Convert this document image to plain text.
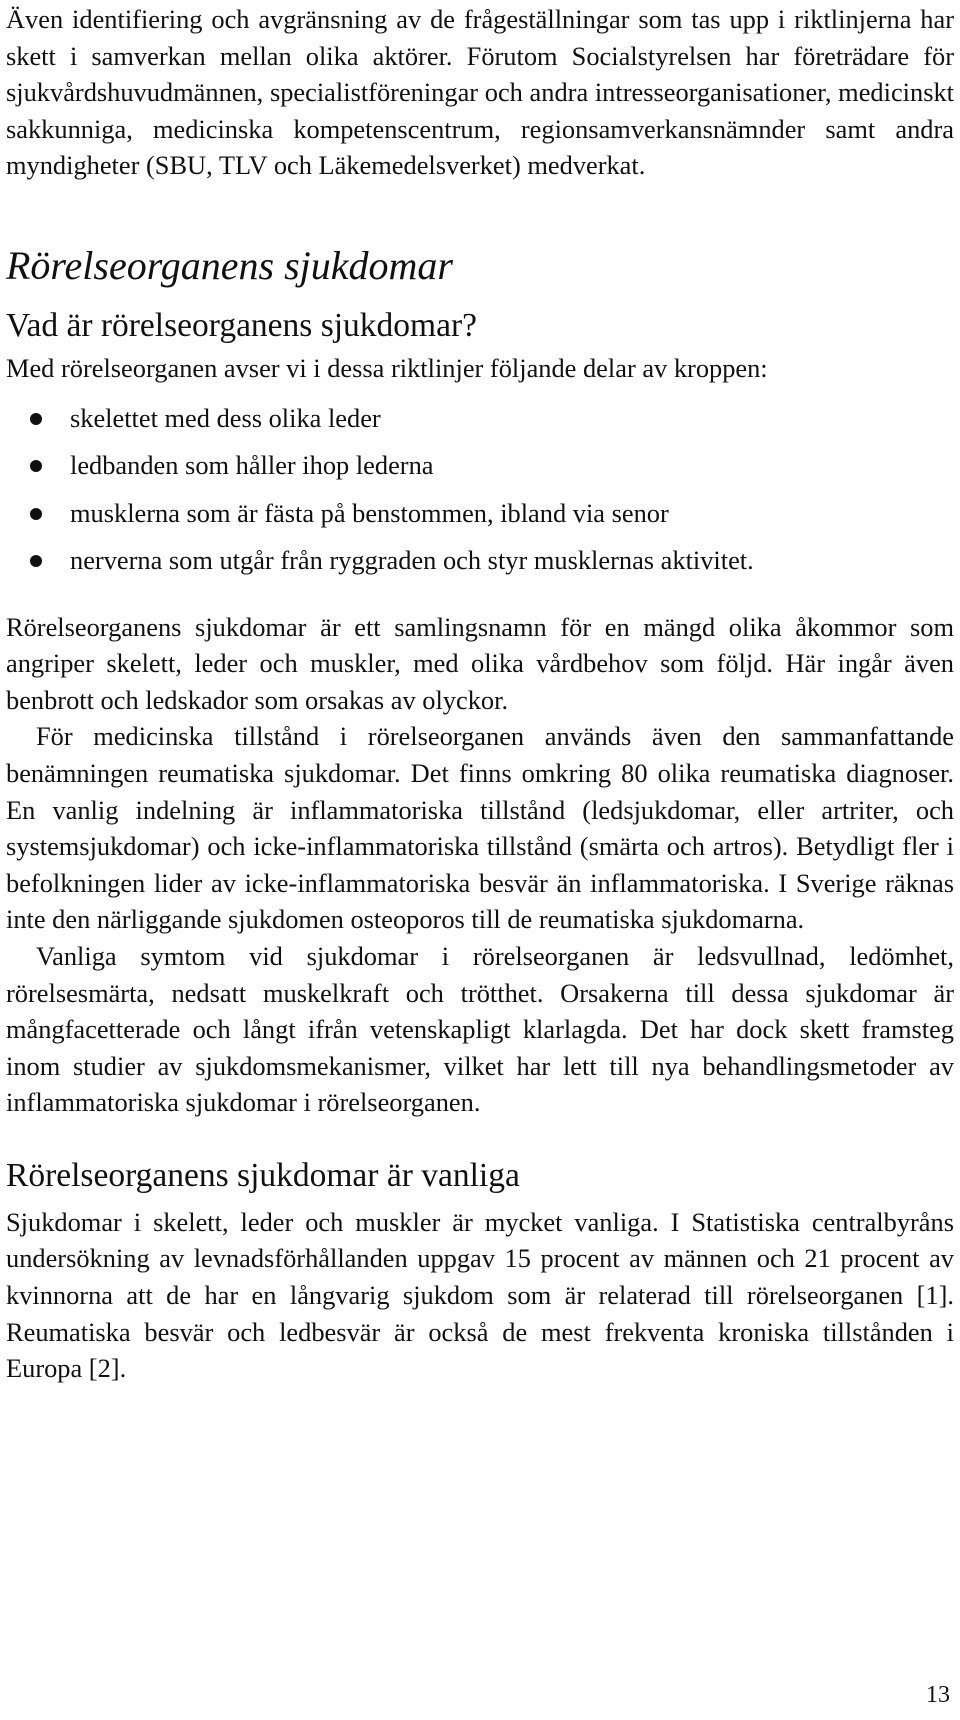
Även identifiering och avgränsning av de frågeställningar som tas upp i riktlinjerna har skett i samverkan mellan olika aktörer. Förutom Socialstyrelsen har företrädare för sjukvårdshuvudmännen, specialistföreningar och andra intresseorganisationer, medicinskt sakkunniga, medicinska kompetenscentrum, regionsamverkansnämnder samt andra myndigheter (SBU, TLV och Läkemedelsverket) medverkat.

Rörelseorganens sjukdomar
Vad är rörelseorganens sjukdomar?

Med rörelseorganen avser vi i dessa riktlinjer följande delar av kroppen:

skelettet med dess olika leder
ledbanden som håller ihop lederna
musklerna som är fästa på benstommen, ibland via senor
nerverna som utgår från ryggraden och styr musklernas aktivitet.

Rörelseorganens sjukdomar är ett samlingsnamn för en mängd olika åkommor som angriper skelett, leder och muskler, med olika vårdbehov som följd. Här ingår även benbrott och ledskador som orsakas av olyckor.

För medicinska tillstånd i rörelseorganen används även den sammanfattande benämningen reumatiska sjukdomar. Det finns omkring 80 olika reumatiska diagnoser. En vanlig indelning är inflammatoriska tillstånd (ledsjukdomar, eller artriter, och systemsjukdomar) och icke-inflammatoriska tillstånd (smärta och artros). Betydligt fler i befolkningen lider av icke-inflammatoriska besvär än inflammatoriska. I Sverige räknas inte den närliggande sjukdomen osteoporos till de reumatiska sjukdomarna.

Vanliga symtom vid sjukdomar i rörelseorganen är ledsvullnad, ledömhet, rörelsesmärta, nedsatt muskelkraft och trötthet. Orsakerna till dessa sjukdomar är mångfacetterade och långt ifrån vetenskapligt klarlagda. Det har dock skett framsteg inom studier av sjukdomsmekanismer, vilket har lett till nya behandlingsmetoder av inflammatoriska sjukdomar i rörelseorganen.

Rörelseorganens sjukdomar är vanliga

Sjukdomar i skelett, leder och muskler är mycket vanliga. I Statistiska centralbyråns undersökning av levnadsförhållanden uppgav 15 procent av männen och 21 procent av kvinnorna att de har en långvarig sjukdom som är relaterad till rörelseorganen [1]. Reumatiska besvär och ledbesvär är också de mest frekventa kroniska tillstånden i Europa [2].

13
